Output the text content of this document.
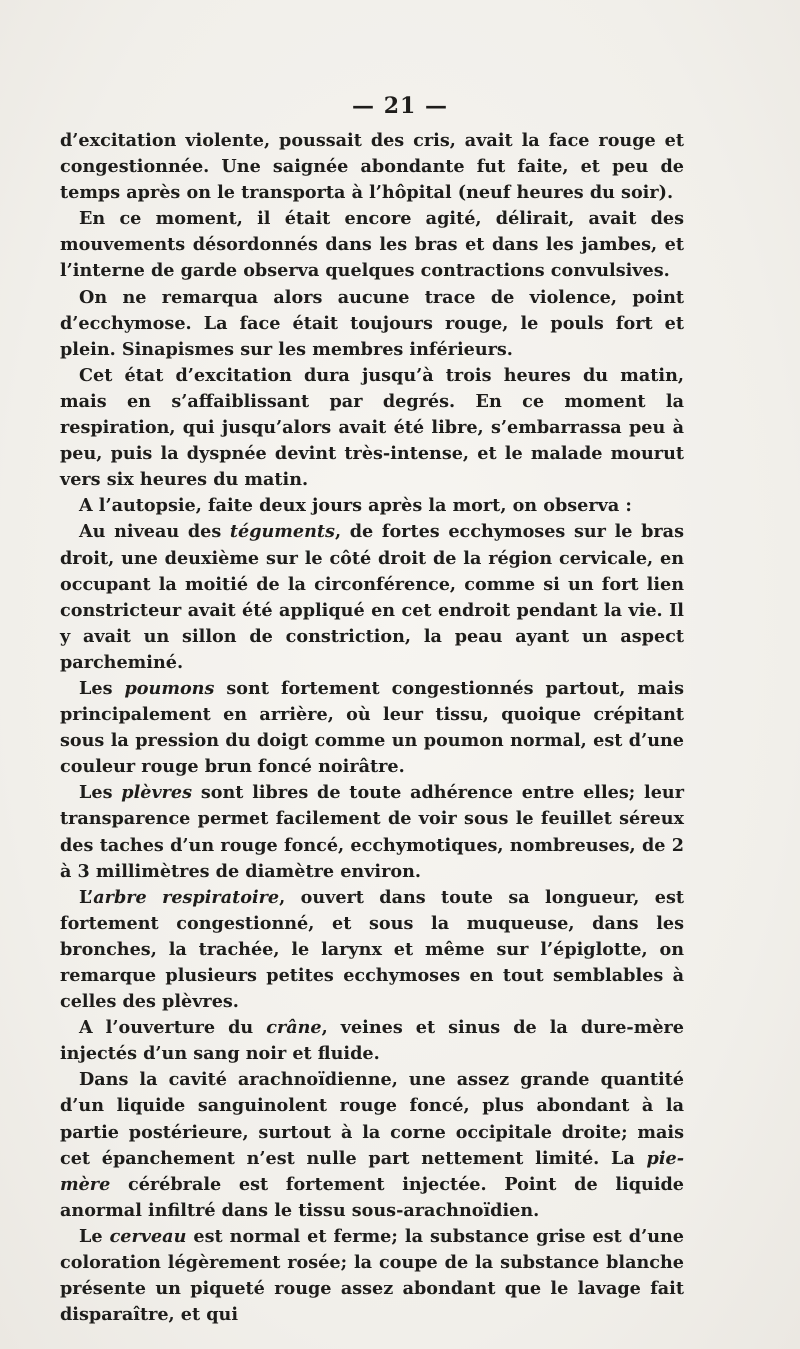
— 21 —

d’excitation violente, poussait des cris, avait la face rouge et congestionnée. Une saignée abondante fut faite, et peu de temps après on le transporta à l’hôpital (neuf heures du soir).

En ce moment, il était encore agité, délirait, avait des mouvements désordonnés dans les bras et dans les jambes, et l’interne de garde observa quelques contractions convulsives.

On ne remarqua alors aucune trace de violence, point d’ecchymose. La face était toujours rouge, le pouls fort et plein. Sinapismes sur les membres inférieurs.

Cet état d’excitation dura jusqu’à trois heures du matin, mais en s’affaiblissant par degrés. En ce moment la respiration, qui jusqu’alors avait été libre, s’embarrassa peu à peu, puis la dyspnée devint très-intense, et le malade mourut vers six heures du matin.

A l’autopsie, faite deux jours après la mort, on observa :

Au niveau des téguments, de fortes ecchymoses sur le bras droit, une deuxième sur le côté droit de la région cervicale, en occupant la moitié de la circonférence, comme si un fort lien constricteur avait été appliqué en cet endroit pendant la vie. Il y avait un sillon de constriction, la peau ayant un aspect parcheminé.

Les poumons sont fortement congestionnés partout, mais principalement en arrière, où leur tissu, quoique crépitant sous la pression du doigt comme un poumon normal, est d’une couleur rouge brun foncé noirâtre.

Les plèvres sont libres de toute adhérence entre elles; leur transparence permet facilement de voir sous le feuillet séreux des taches d’un rouge foncé, ecchymotiques, nombreuses, de 2 à 3 millimètres de diamètre environ.

L’arbre respiratoire, ouvert dans toute sa longueur, est fortement congestionné, et sous la muqueuse, dans les bronches, la trachée, le larynx et même sur l’épiglotte, on remarque plusieurs petites ecchymoses en tout semblables à celles des plèvres.

A l’ouverture du crâne, veines et sinus de la dure-mère injectés d’un sang noir et fluide.

Dans la cavité arachnoïdienne, une assez grande quantité d’un liquide sanguinolent rouge foncé, plus abondant à la partie postérieure, surtout à la corne occipitale droite; mais cet épanchement n’est nulle part nettement limité. La pie-mère cérébrale est fortement injectée. Point de liquide anormal infiltré dans le tissu sous-arachnoïdien.

Le cerveau est normal et ferme; la substance grise est d’une coloration légèrement rosée; la coupe de la substance blanche présente un piqueté rouge assez abondant que le lavage fait disparaître, et qui
